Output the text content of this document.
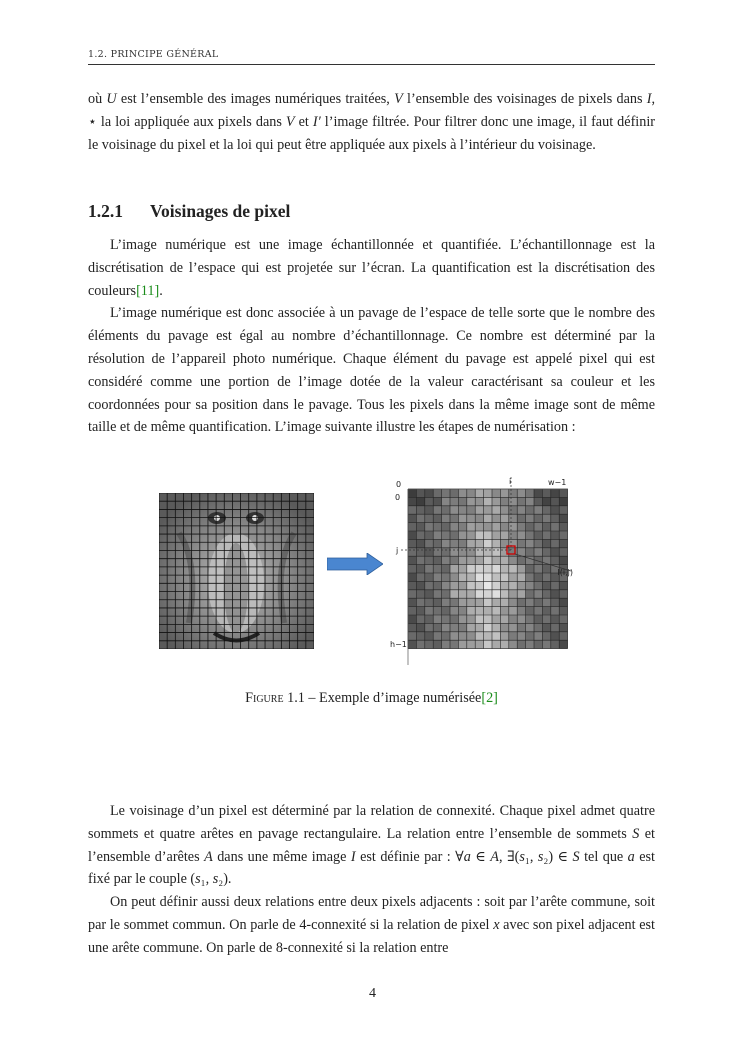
1.2. PRINCIPE GÉNÉRAL

où U est l’ensemble des images numériques traitées, V l’ensemble des voisinages de pixels dans I, ⋆ la loi appliquée aux pixels dans V et I′ l’image filtrée. Pour filtrer donc une image, il faut définir le voisinage du pixel et la loi qui peut être appliquée aux pixels à l’intérieur du voisinage.

1.2.1 Voisinages de pixel

L’image numérique est une image échantillonnée et quantifiée. L’échantillonnage est la discrétisation de l’espace qui est projetée sur l’écran. La quantification est la discrétisation des couleurs[11].

L’image numérique est donc associée à un pavage de l’espace de telle sorte que le nombre des éléments du pavage est égal au nombre d’échantillonnage. Ce nombre est déterminé par la résolution de l’appareil photo numérique. Chaque élément du pavage est appelé pixel qui est considéré comme une portion de l’image dotée de la valeur caractérisant sa couleur et les coordonnées pour sa position dans le pavage. Tous les pixels dans la même image sont de même taille et de même quantification. L’image suivante illustre les étapes de numérisation :

0
0
i	w−1
j
I(i,j)
h−1
Figure 1.1 – Exemple d’image numérisée[2]

Le voisinage d’un pixel est déterminé par la relation de connexité. Chaque pixel admet quatre sommets et quatre arêtes en pavage rectangulaire. La relation entre l’ensemble de sommets S et l’ensemble d’arêtes A dans une même image I est définie par : ∀a ∈ A, ∃(s₁, s₂) ∈ S tel que a est fixé par le couple (s₁, s₂).

On peut définir aussi deux relations entre deux pixels adjacents : soit par l’arête commune, soit par le sommet commun. On parle de 4-connexité si la relation de pixel x avec son pixel adjacent est une arête commune. On parle de 8-connexité si la relation entre

4
